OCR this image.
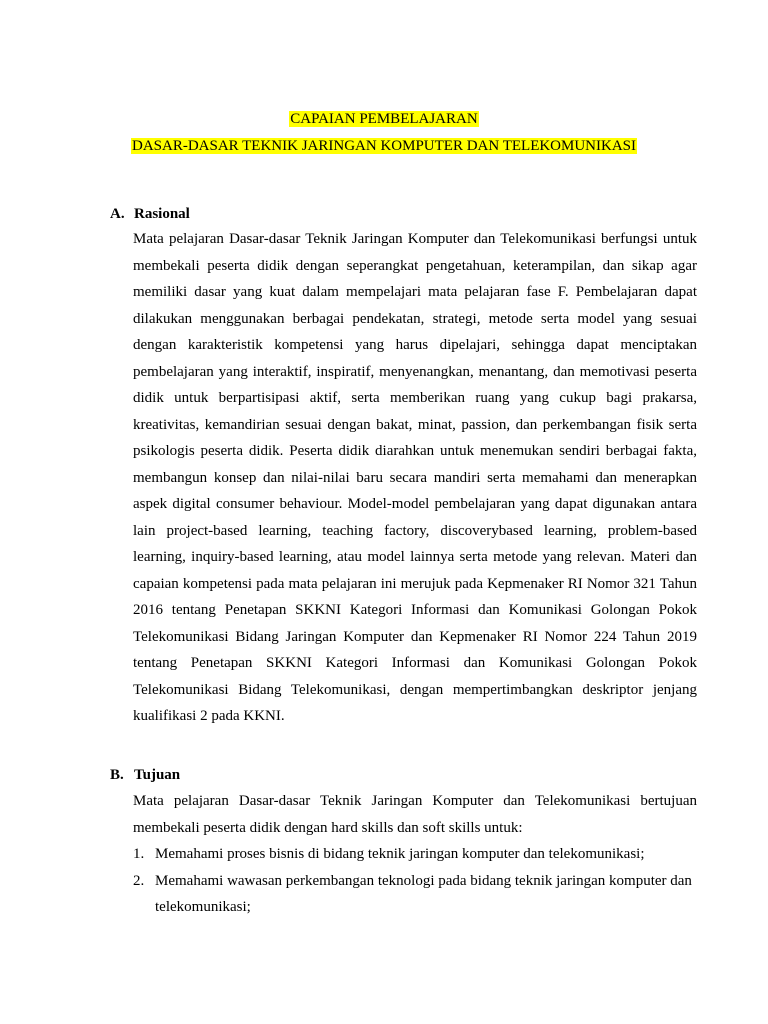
CAPAIAN PEMBELAJARAN
DASAR-DASAR TEKNIK JARINGAN KOMPUTER DAN TELEKOMUNIKASI
A. Rasional
Mata pelajaran Dasar-dasar Teknik Jaringan Komputer dan Telekomunikasi berfungsi untuk membekali peserta didik dengan seperangkat pengetahuan, keterampilan, dan sikap agar memiliki dasar yang kuat dalam mempelajari mata pelajaran fase F. Pembelajaran dapat dilakukan menggunakan berbagai pendekatan, strategi, metode serta model yang sesuai dengan karakteristik kompetensi yang harus dipelajari, sehingga dapat menciptakan pembelajaran yang interaktif, inspiratif, menyenangkan, menantang, dan memotivasi peserta didik untuk berpartisipasi aktif, serta memberikan ruang yang cukup bagi prakarsa, kreativitas, kemandirian sesuai dengan bakat, minat, passion, dan perkembangan fisik serta psikologis peserta didik. Peserta didik diarahkan untuk menemukan sendiri berbagai fakta, membangun konsep dan nilai-nilai baru secara mandiri serta memahami dan menerapkan aspek digital consumer behaviour. Model-model pembelajaran yang dapat digunakan antara lain project-based learning, teaching factory, discoverybased learning, problem-based learning, inquiry-based learning, atau model lainnya serta metode yang relevan. Materi dan capaian kompetensi pada mata pelajaran ini merujuk pada Kepmenaker RI Nomor 321 Tahun 2016 tentang Penetapan SKKNI Kategori Informasi dan Komunikasi Golongan Pokok Telekomunikasi Bidang Jaringan Komputer dan Kepmenaker RI Nomor 224 Tahun 2019 tentang Penetapan SKKNI Kategori Informasi dan Komunikasi Golongan Pokok Telekomunikasi Bidang Telekomunikasi, dengan mempertimbangkan deskriptor jenjang kualifikasi 2 pada KKNI.
B. Tujuan
Mata pelajaran Dasar-dasar Teknik Jaringan Komputer dan Telekomunikasi bertujuan membekali peserta didik dengan hard skills dan soft skills untuk:
1. Memahami proses bisnis di bidang teknik jaringan komputer dan telekomunikasi;
2. Memahami wawasan perkembangan teknologi pada bidang teknik jaringan komputer dan telekomunikasi;
